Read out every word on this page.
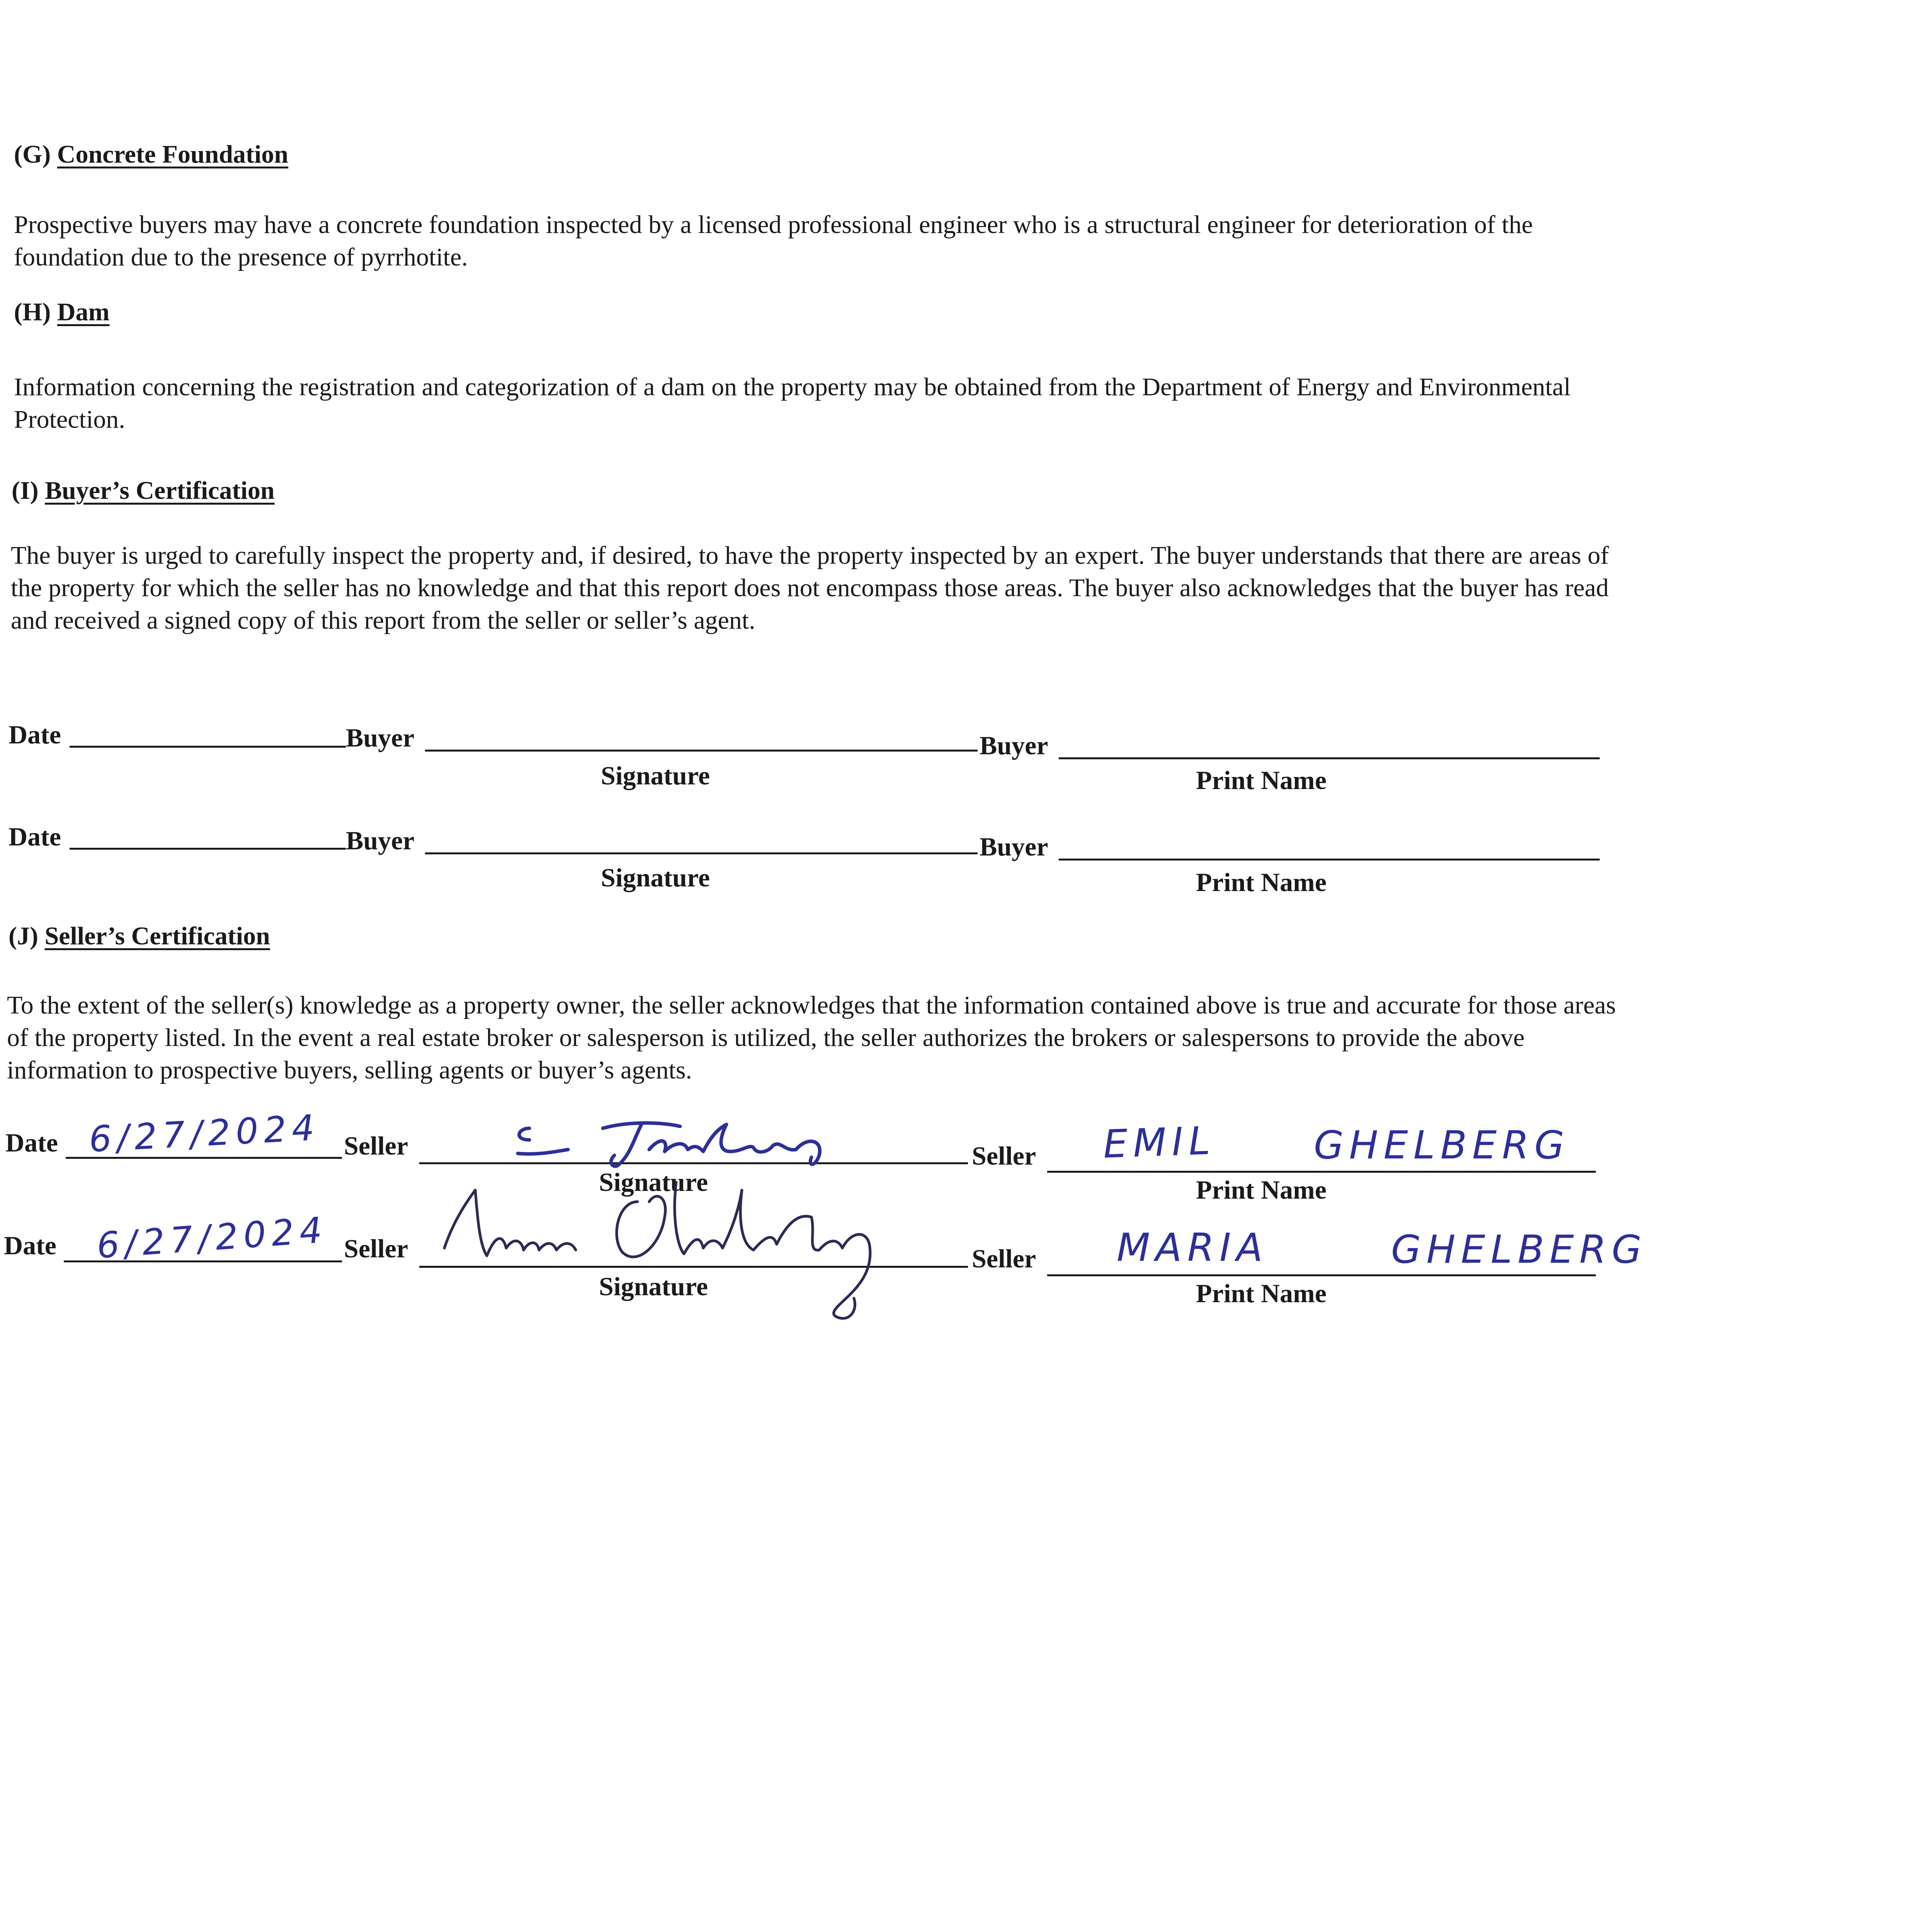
(G) Concrete Foundation
Prospective buyers may have a concrete foundation inspected by a licensed professional engineer who is a structural engineer for deterioration of the foundation due to the presence of pyrrhotite.
(H) Dam
Information concerning the registration and categorization of a dam on the property may be obtained from the Department of Energy and Environmental Protection.
(I) Buyer’s Certification
The buyer is urged to carefully inspect the property and, if desired, to have the property inspected by an expert. The buyer understands that there are areas of the property for which the seller has no knowledge and that this report does not encompass those areas. The buyer also acknowledges that the buyer has read and received a signed copy of this report from the seller or seller’s agent.
Date	Buyer
Signature
Buyer
Print Name
Date	Buyer
Signature
Buyer
Print Name
(J) Seller’s Certification
To the extent of the seller(s) knowledge as a property owner, the seller acknowledges that the information contained above is true and accurate for those areas of the property listed. In the event a real estate broker or salesperson is utilized, the seller authorizes the brokers or salespersons to provide the above information to prospective buyers, selling agents or buyer’s agents.
Date 6/27/2024 Seller
Signature
Seller EMIL	GHELBERG
Print Name
Date 6/27/2024 Seller
Signature
Seller MARIA	GHELBERG
Print Name
